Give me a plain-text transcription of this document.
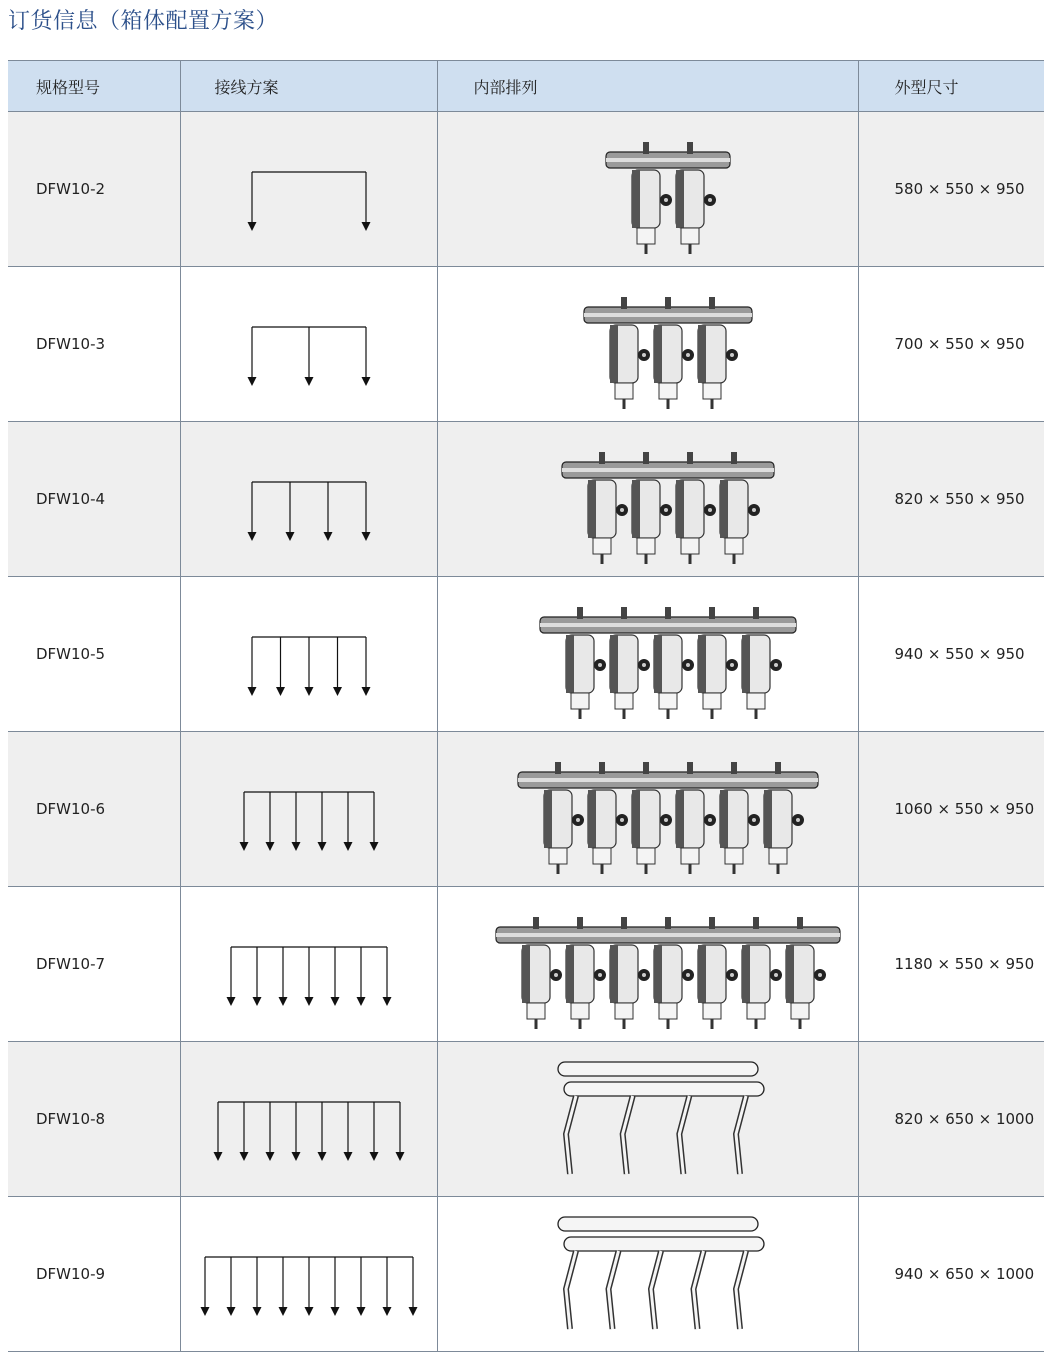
订货信息（箱体配置方案）
规格型号	接线方案	内部排列	外型尺寸
DFW10-2			580 × 550 × 950
DFW10-3			700 × 550 × 950
DFW10-4			820 × 550 × 950
DFW10-5			940 × 550 × 950
DFW10-6			1060 × 550 × 950
DFW10-7			1180 × 550 × 950
DFW10-8			820 × 650 × 1000
DFW10-9			940 × 650 × 1000
